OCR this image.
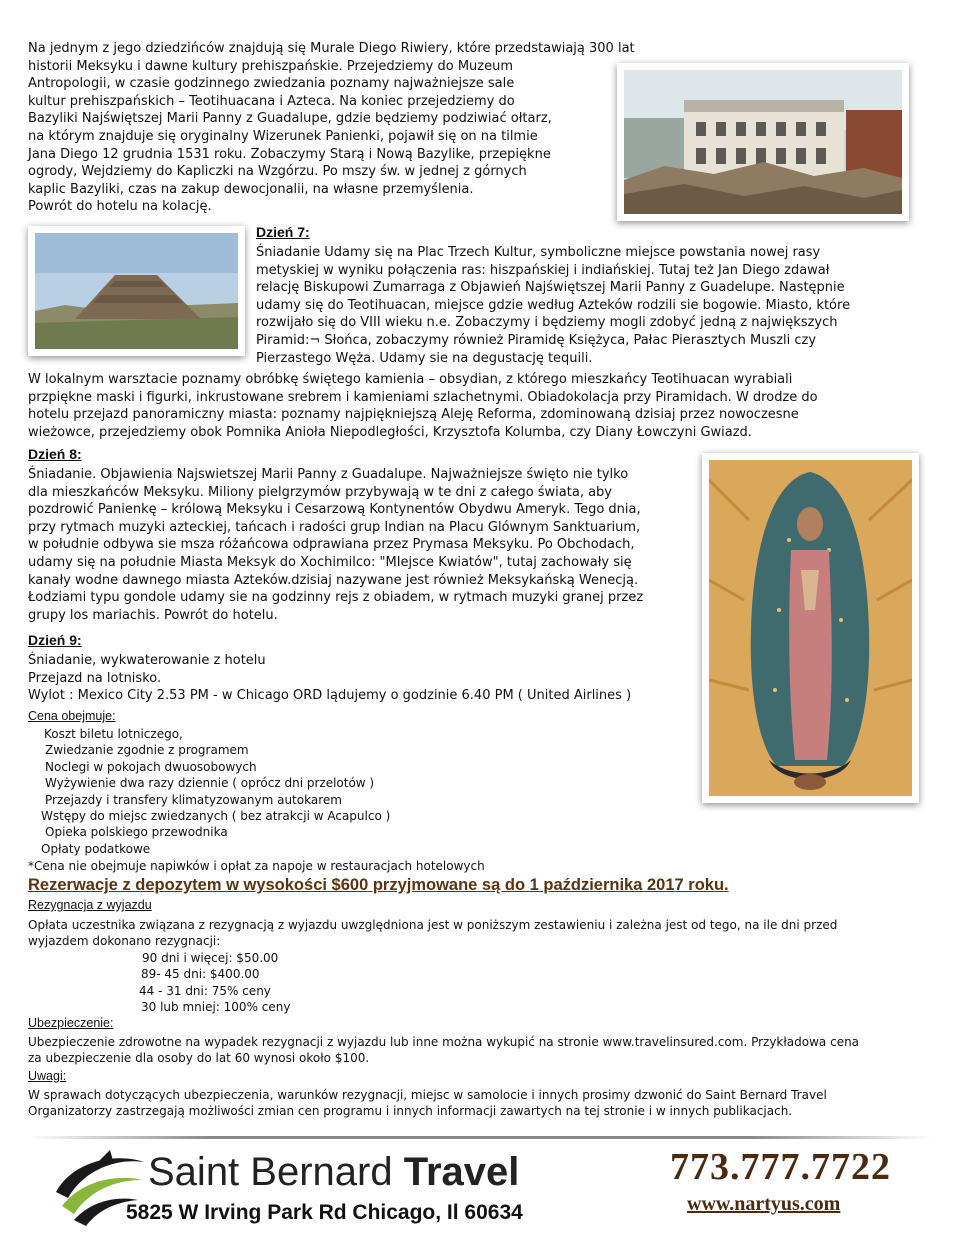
Na jednym z jego dziedzińców znajdują się Murale Diego Riwiery, które przedstawiają 300 lat
historii Meksyku i dawne kultury prehiszpańskie. Przejedziemy do Muzeum
Antropologii, w czasie godzinnego zwiedzania poznamy najważniejsze sale
kultur prehiszpańskich – Teotihuacana i Azteca. Na koniec przejedziemy do
Bazyliki Najświętszej Marii Panny z Guadalupe, gdzie będziemy podziwiać ołtarz,
na którym znajduje się oryginalny Wizerunek Panienki, pojawił się on na tilmie
Jana Diego 12 grudnia 1531 roku. Zobaczymy Starą i Nową Bazylike, przepiękne
ogrody, Wejdziemy do Kapliczki na Wzgórzu. Po mszy św. w jednej z górnych
kaplic Bazyliki, czas na zakup dewocjonalii, na własne przemyślenia.
Powrót do hotelu na kolację.
Dzień 7:
Śniadanie Udamy się na Plac Trzech Kultur, symboliczne miejsce powstania nowej rasy
metyskiej w wyniku połączenia ras: hiszpańskiej i indiańskiej. Tutaj też Jan Diego zdawał
relację Biskupowi Zumarraga z Objawień Najświętszej Marii Panny z Guadelupe. Następnie
udamy się do Teotihuacan, miejsce gdzie według Azteków rodzili sie bogowie. Miasto, które
rozwijało się do VIII wieku n.e. Zobaczymy i będziemy mogli zdobyć jedną z największych
Piramid:¬ Słońca, zobaczymy również Piramidę Księżyca, Pałac Pierasztych Muszli czy
Pierzastego Węża. Udamy sie na degustację tequili.
W lokalnym warsztacie poznamy obróbkę świętego kamienia – obsydian, z którego mieszkańcy Teotihuacan wyrabiali
przpiękne maski i figurki, inkrustowane srebrem i kamieniami szlachetnymi. Obiadokolacja przy Piramidach. W drodze do
hotelu przejazd panoramiczny miasta: poznamy najpiękniejszą Aleję Reforma, zdominowaną dzisiaj przez nowoczesne
wieżowce, przejedziemy obok Pomnika Anioła Niepodległości, Krzysztofa Kolumba, czy Diany Łowczyni Gwiazd.
Dzień 8:
Śniadanie. Objawienia Najswietszej Marii Panny z Guadalupe. Najważniejsze święto nie tylko
dla mieszkańców Meksyku. Miliony pielgrzymów przybywają w te dni z całego świata, aby
pozdrowić Panienkę – królową Meksyku i Cesarzową Kontynentów Obydwu Ameryk. Tego dnia,
przy rytmach muzyki azteckiej, tańcach i radości grup Indian na Placu Glównym Sanktuarium,
w południe odbywa sie msza różańcowa odprawiana przez Prymasa Meksyku. Po Obchodach,
udamy się na południe Miasta Meksyk do Xochimilco: "MIejsce Kwiatów", tutaj zachowały się
kanały wodne dawnego miasta Azteków.dzisiaj nazywane jest również Meksykańską Wenecją.
Łodziami typu gondole udamy sie na godzinny rejs z obiadem, w rytmach muzyki granej przez
grupy los mariachis. Powrót do hotelu.
Dzień 9:
Śniadanie, wykwaterowanie z hotelu
Przejazd na lotnisko.
Wylot : Mexico City 2.53 PM - w Chicago ORD lądujemy o godzinie 6.40 PM ( United Airlines )
Cena obejmuje:
Koszt biletu lotniczego,
Zwiedzanie zgodnie z programem
Noclegi w pokojach dwuosobowych
Wyżywienie dwa razy dziennie ( oprócz dni przelotów )
Przejazdy i transfery klimatyzowanym autokarem
Wstępy do miejsc zwiedzanych ( bez atrakcji w Acapulco )
Opieka polskiego przewodnika
Opłaty podatkowe
*Cena nie obejmuje napiwków i opłat za napoje w restauracjach hotelowych
Rezerwacje z depozytem w wysokości $600 przyjmowane są do 1 października 2017 roku.
Rezygnacja z wyjazdu
Opłata uczestnika związana z rezygnacją z wyjazdu uwzględniona jest w poniższym zestawieniu i zależna jest od tego, na ile dni przed
wyjazdem dokonano rezygnacji:
90 dni i więcej: $50.00
89- 45 dni: $400.00
44 - 31 dni: 75% ceny
30 lub mniej: 100% ceny
Ubezpieczenie:
Ubezpieczenie zdrowotne na wypadek rezygnacji z wyjazdu lub inne można wykupić na stronie www.travelinsured.com. Przykładowa cena
za ubezpieczenie dla osoby do lat 60 wynosi około $100.
Uwagi:
W sprawach dotyczących ubezpieczenia, warunków rezygnacji, miejsc w samolocie i innych prosimy dzwonić do Saint Bernard Travel
Organizatorzy zastrzegają możliwości zmian cen programu i innych informacji zawartych na tej stronie i w innych publikacjach.
Saint Bernard Travel
5825 W Irving Park Rd Chicago, Il 60634
773.777.7722
www.nartyus.com
